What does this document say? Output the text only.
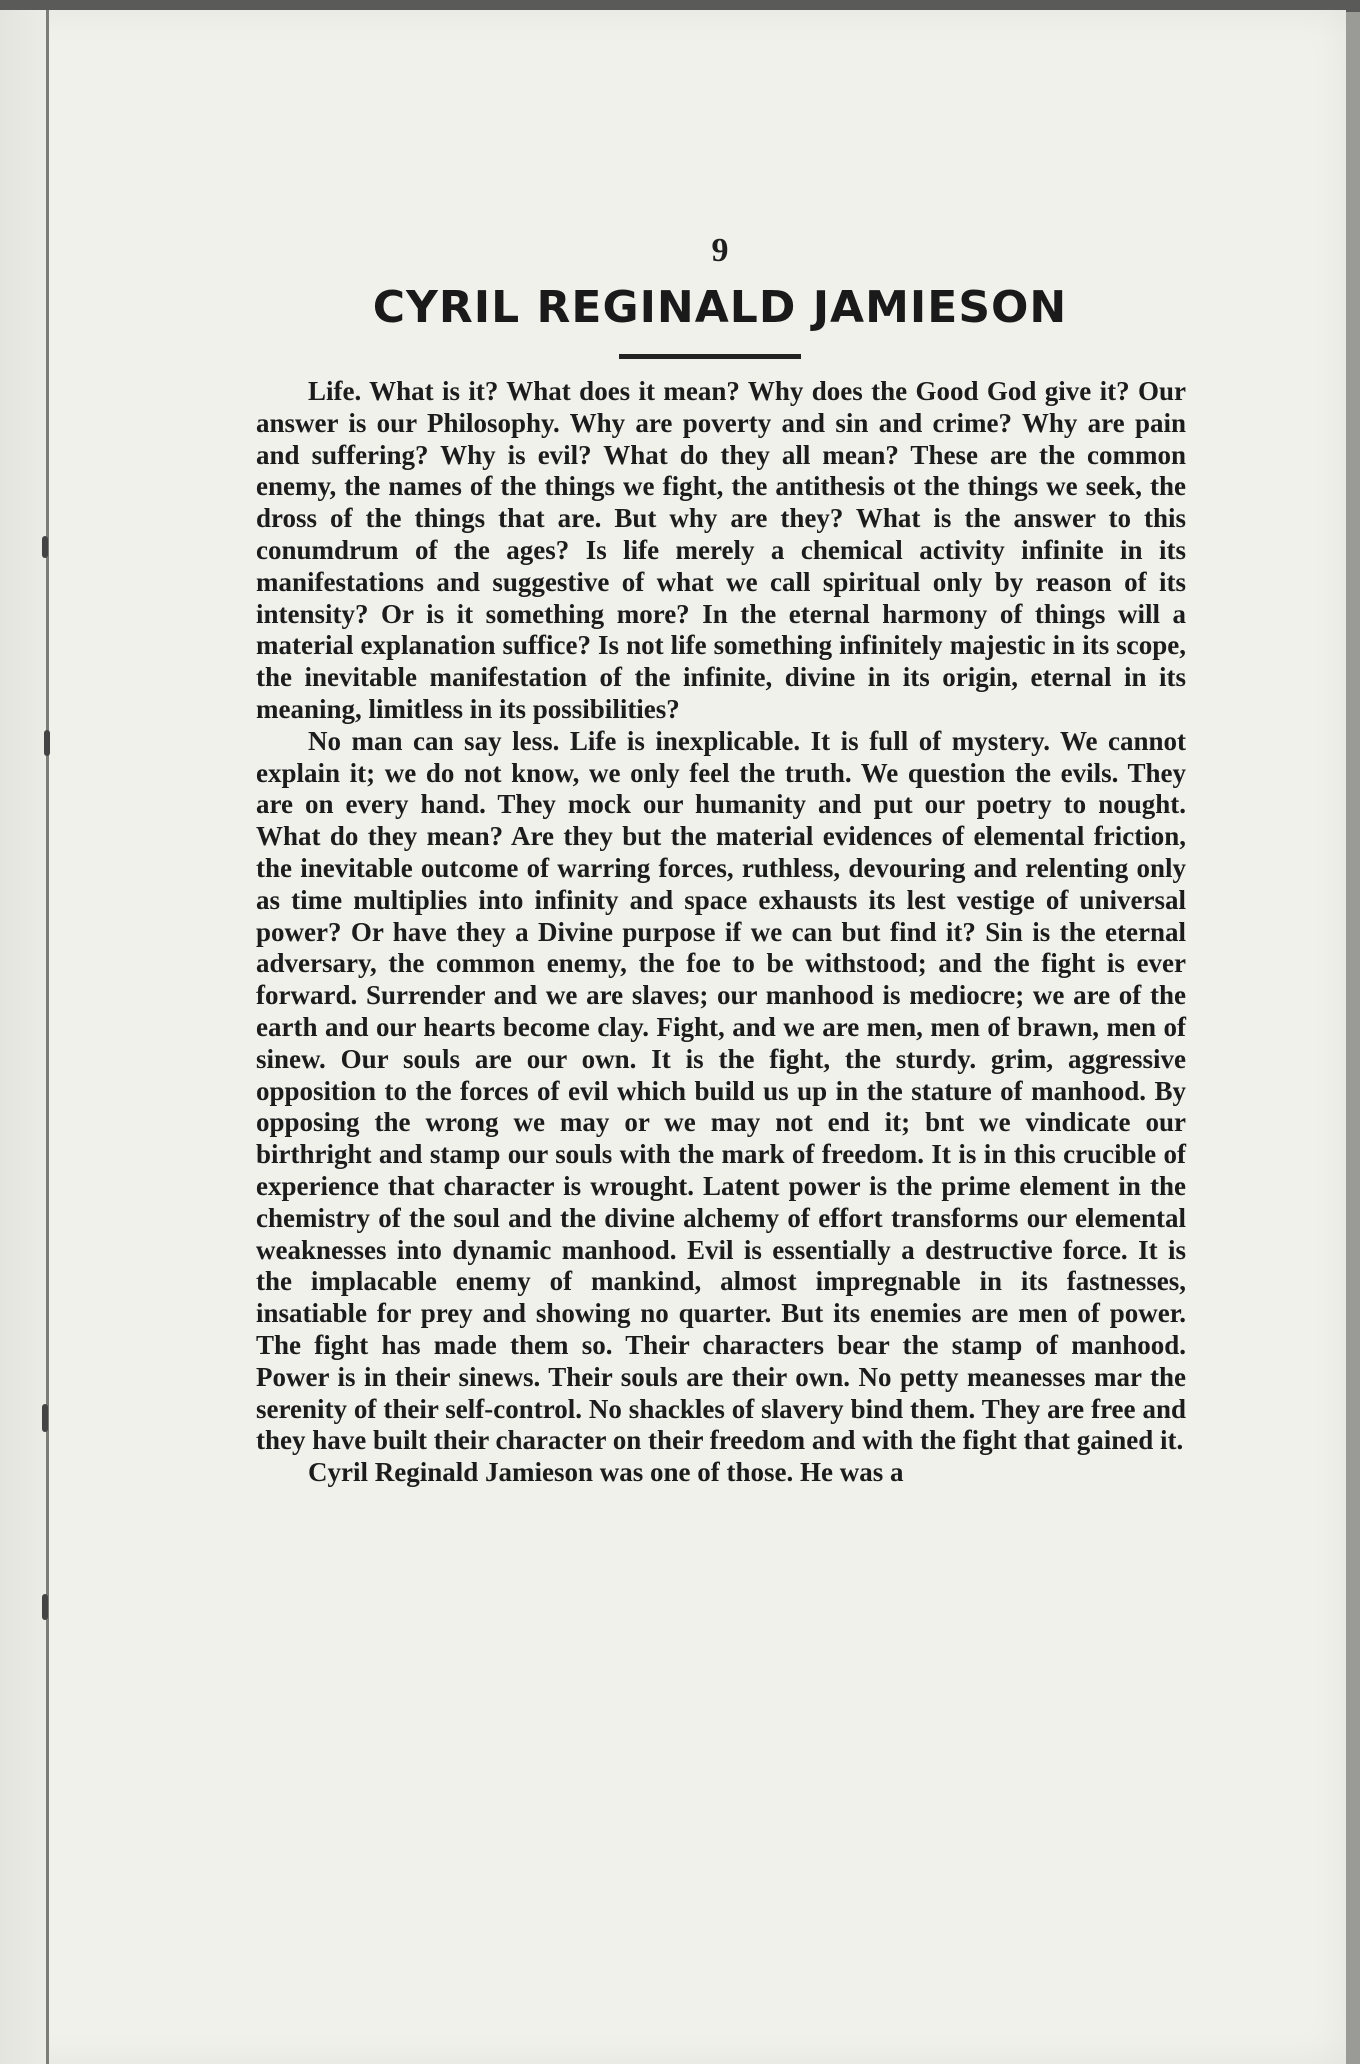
9
CYRIL REGINALD JAMIESON

Life. What is it? What does it mean? Why does the Good God give it? Our answer is our Philosophy. Why are poverty and sin and crime? Why are pain and suffering? Why is evil? What do they all mean? These are the common enemy, the names of the things we fight, the antithesis ot the things we seek, the dross of the things that are. But why are they? What is the answer to this conumdrum of the ages? Is life merely a chemical activity infinite in its manifestations and suggestive of what we call spiritual only by reason of its intensity? Or is it something more? In the eternal harmony of things will a material explanation suffice? Is not life something infinitely majestic in its scope, the inevitable manifestation of the infinite, divine in its origin, eternal in its meaning, limitless in its possibilities?

No man can say less. Life is inexplicable. It is full of mystery. We cannot explain it; we do not know, we only feel the truth. We question the evils. They are on every hand. They mock our humanity and put our poetry to nought. What do they mean? Are they but the material evidences of elemental friction, the inevitable outcome of warring forces, ruthless, devouring and relenting only as time multiplies into infinity and space exhausts its lest vestige of universal power? Or have they a Divine purpose if we can but find it? Sin is the eternal adversary, the common enemy, the foe to be withstood; and the fight is ever forward. Surrender and we are slaves; our manhood is mediocre; we are of the earth and our hearts become clay. Fight, and we are men, men of brawn, men of sinew. Our souls are our own. It is the fight, the sturdy. grim, aggressive opposition to the forces of evil which build us up in the stature of manhood. By opposing the wrong we may or we may not end it; bnt we vindicate our birthright and stamp our souls with the mark of freedom. It is in this crucible of experience that character is wrought. Latent power is the prime element in the chemistry of the soul and the divine alchemy of effort transforms our elemental weaknesses into dynamic manhood. Evil is essentially a destructive force. It is the implacable enemy of mankind, almost impregnable in its fastnesses, insatiable for prey and showing no quarter. But its enemies are men of power. The fight has made them so. Their characters bear the stamp of manhood. Power is in their sinews. Their souls are their own. No petty meanesses mar the serenity of their self-control. No shackles of slavery bind them. They are free and they have built their character on their freedom and with the fight that gained it.

Cyril Reginald Jamieson was one of those. He was a
